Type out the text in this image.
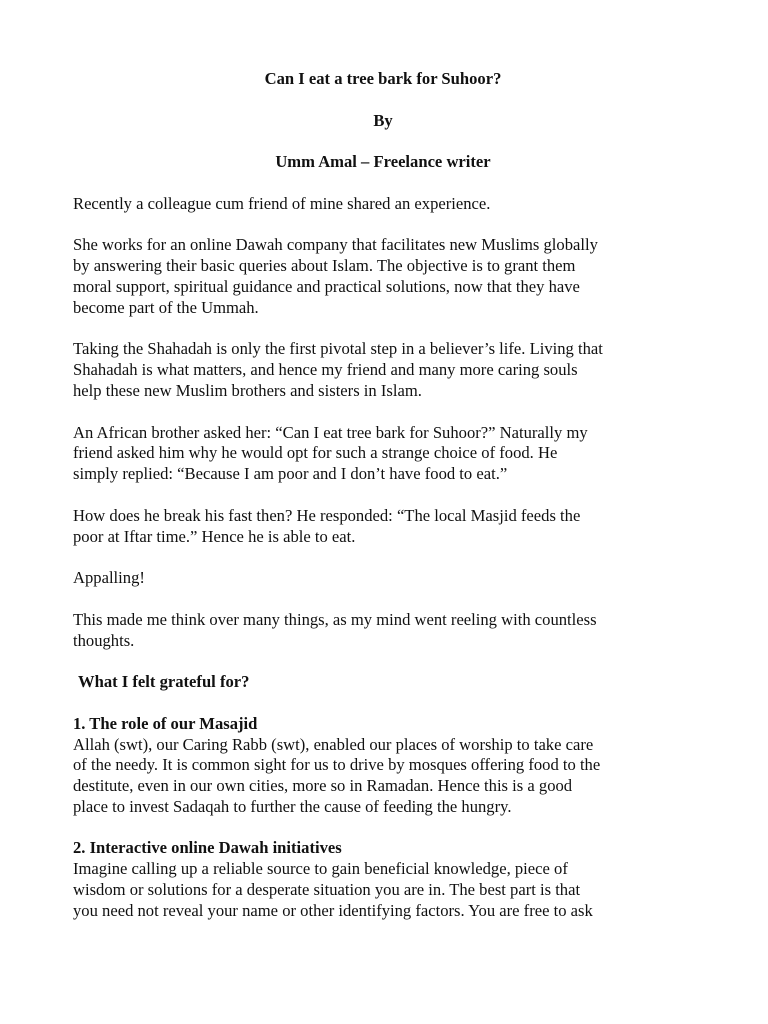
Can I eat a tree bark for Suhoor?
By
Umm Amal – Freelance writer

Recently a colleague cum friend of mine shared an experience.

She works for an online Dawah company that facilitates new Muslims globally
by answering their basic queries about Islam. The objective is to grant them
moral support, spiritual guidance and practical solutions, now that they have
become part of the Ummah.

Taking the Shahadah is only the first pivotal step in a believer’s life. Living that
Shahadah is what matters, and hence my friend and many more caring souls
help these new Muslim brothers and sisters in Islam.

An African brother asked her: “Can I eat tree bark for Suhoor?” Naturally my
friend asked him why he would opt for such a strange choice of food. He
simply replied: “Because I am poor and I don’t have food to eat.”

How does he break his fast then? He responded: “The local Masjid feeds the
poor at Iftar time.” Hence he is able to eat.

Appalling!

This made me think over many things, as my mind went reeling with countless
thoughts.

What I felt grateful for?
1. The role of our Masajid
Allah (swt), our Caring Rabb (swt), enabled our places of worship to take care
of the needy. It is common sight for us to drive by mosques offering food to the
destitute, even in our own cities, more so in Ramadan. Hence this is a good
place to invest Sadaqah to further the cause of feeding the hungry.
2. Interactive online Dawah initiatives
Imagine calling up a reliable source to gain beneficial knowledge, piece of
wisdom or solutions for a desperate situation you are in. The best part is that
you need not reveal your name or other identifying factors. You are free to ask
